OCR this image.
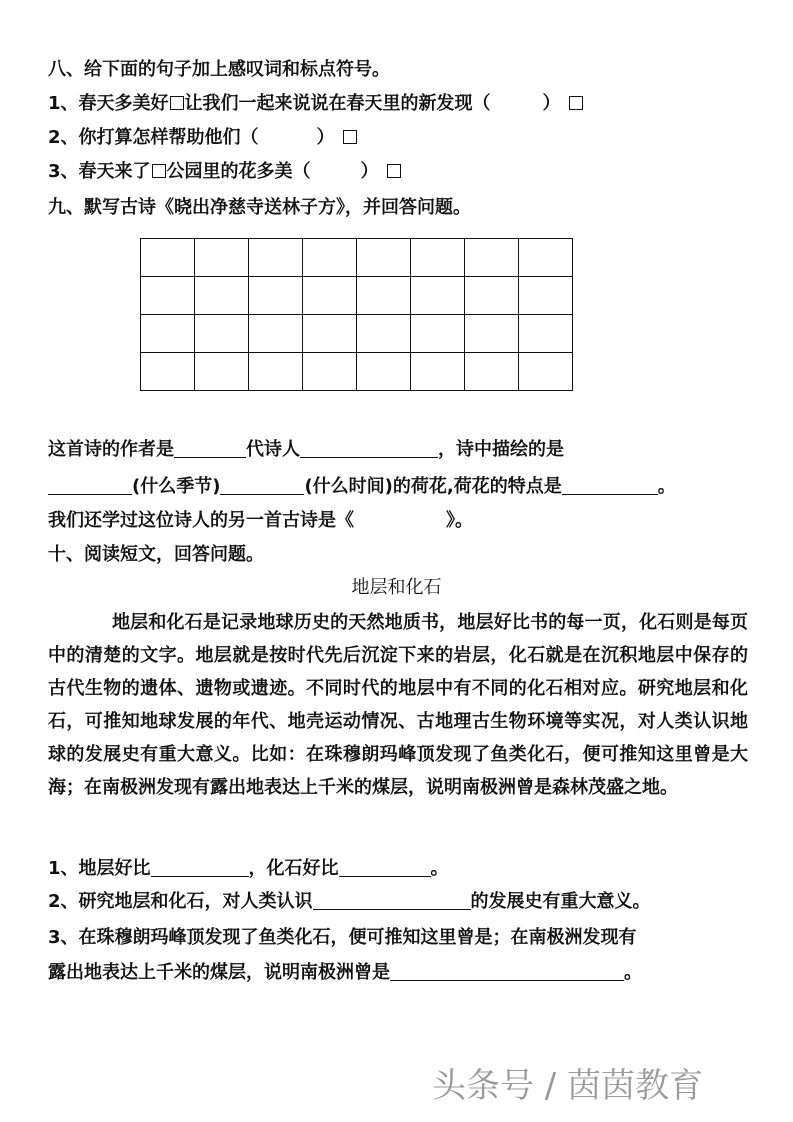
八、给下面的句子加上感叹词和标点符号。
1、春天多美好 让我们一起来说说在春天里的新发现（	）
2、你打算怎样帮助他们（	）
3、春天来了 公园里的花多美（	）
九、默写古诗《晓出净慈寺送林子方》，并回答问题。

这首诗的作者是	代诗人	，诗中描绘的是
(什么季节)	(什么时间)的荷花,荷花的特点是	。
我们还学过这位诗人的另一首古诗是《	》。
十、阅读短文，回答问题。
地层和化石
地层和化石是记录地球历史的天然地质书，地层好比书的每一页，化石则是每页中的清楚的文字。地层就是按时代先后沉淀下来的岩层，化石就是在沉积地层中保存的古代生物的遗体、遗物或遗迹。不同时代的地层中有不同的化石相对应。研究地层和化石，可推知地球发展的年代、地壳运动情况、古地理古生物环境等实况，对人类认识地球的发展史有重大意义。比如：在珠穆朗玛峰顶发现了鱼类化石，便可推知这里曾是大海；在南极洲发现有露出地表达上千米的煤层，说明南极洲曾是森林茂盛之地。
1、地层好比	，化石好比	。
2、研究地层和化石，对人类认识	的发展史有重大意义。
3、在珠穆朗玛峰顶发现了鱼类化石，便可推知这里曾是；在南极洲发现有
露出地表达上千米的煤层，说明南极洲曾是	。
头条号 / 茵茵教育
